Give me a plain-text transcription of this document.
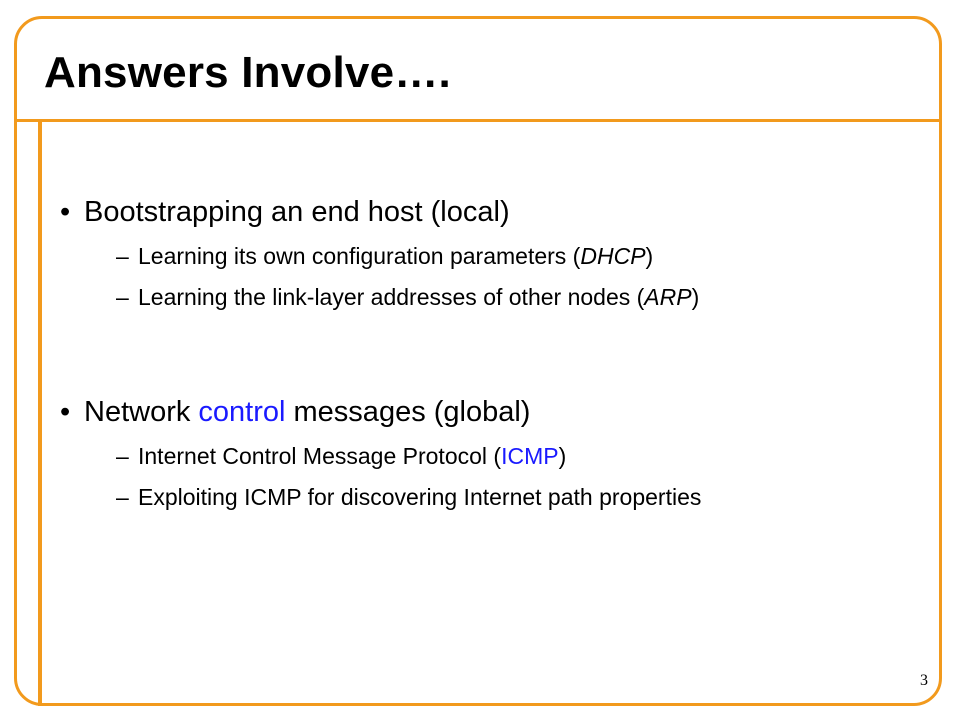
Answers Involve….
• Bootstrapping an end host (local)
– Learning its own configuration parameters (DHCP)
– Learning the link-layer addresses of other nodes (ARP)
• Network control messages (global)
– Internet Control Message Protocol (ICMP)
– Exploiting ICMP for discovering Internet path properties
3
